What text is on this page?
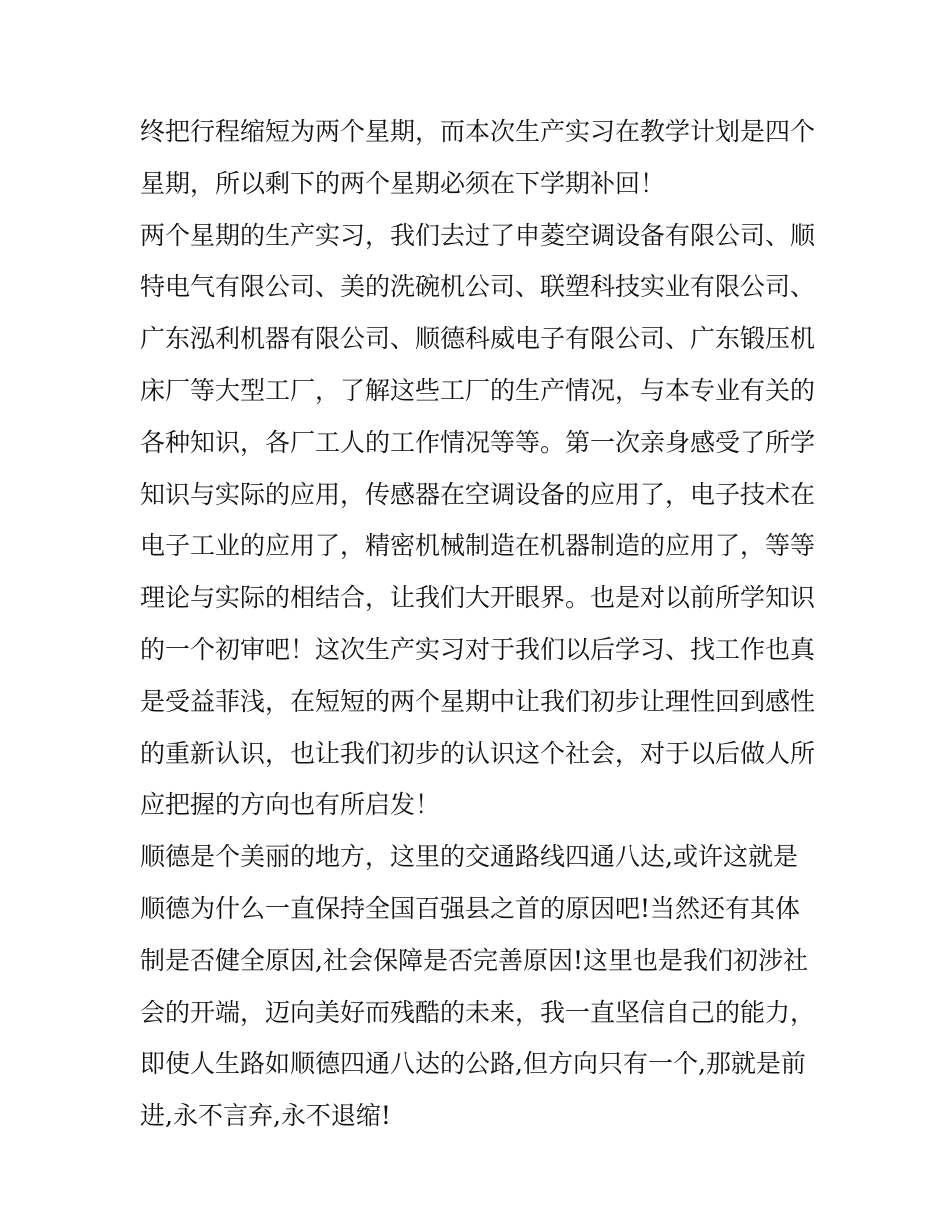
终把行程缩短为两个星期，而本次生产实习在教学计划是四个

星期，所以剩下的两个星期必须在下学期补回！

两个星期的生产实习，我们去过了申菱空调设备有限公司、顺

特电气有限公司、美的洗碗机公司、联塑科技实业有限公司、

广东泓利机器有限公司、顺德科威电子有限公司、广东锻压机

床厂等大型工厂，了解这些工厂的生产情况，与本专业有关的

各种知识，各厂工人的工作情况等等。第一次亲身感受了所学

知识与实际的应用，传感器在空调设备的应用了，电子技术在

电子工业的应用了，精密机械制造在机器制造的应用了，等等

理论与实际的相结合，让我们大开眼界。也是对以前所学知识

的一个初审吧！这次生产实习对于我们以后学习、找工作也真

是受益菲浅，在短短的两个星期中让我们初步让理性回到感性

的重新认识，也让我们初步的认识这个社会，对于以后做人所

应把握的方向也有所启发！

顺德是个美丽的地方，这里的交通路线四通八达,或许这就是

顺德为什么一直保持全国百强县之首的原因吧!当然还有其体

制是否健全原因,社会保障是否完善原因!这里也是我们初涉社

会的开端，迈向美好而残酷的未来，我一直坚信自己的能力，

即使人生路如顺德四通八达的公路,但方向只有一个,那就是前

进,永不言弃,永不退缩!
